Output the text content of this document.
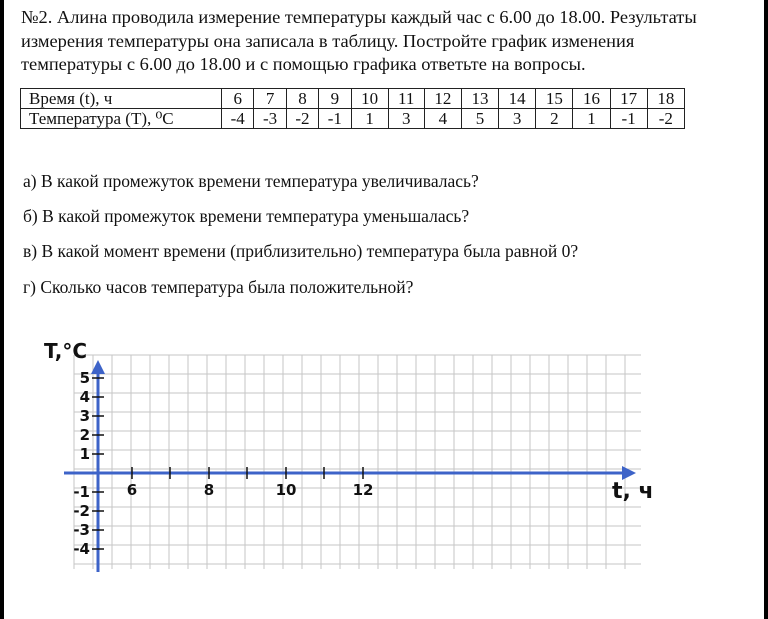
№2. Алина проводила измерение температуры каждый час с 6.00 до 18.00. Результаты измерения температуры она записала в таблицу. Постройте график изменения температуры с 6.00 до 18.00 и с помощью графика ответьте на вопросы.

Время (t), ч	6	7	8	9	10	11	12	13	14	15	16	17	18
Температура (Т), ⁰С	-4	-3	-2	-1	1	3	4	5	3	2	1	-1	-2

а) В какой промежуток времени температура увеличивалась?

б) В какой промежуток времени температура уменьшалась?

в) В какой момент времени (приблизительно) температура была равной 0?

г) Сколько часов температура была положительной?

5
4
3
2
1
-1
-2
-3
-4
6	8	10	12
T,°C
t, ч
